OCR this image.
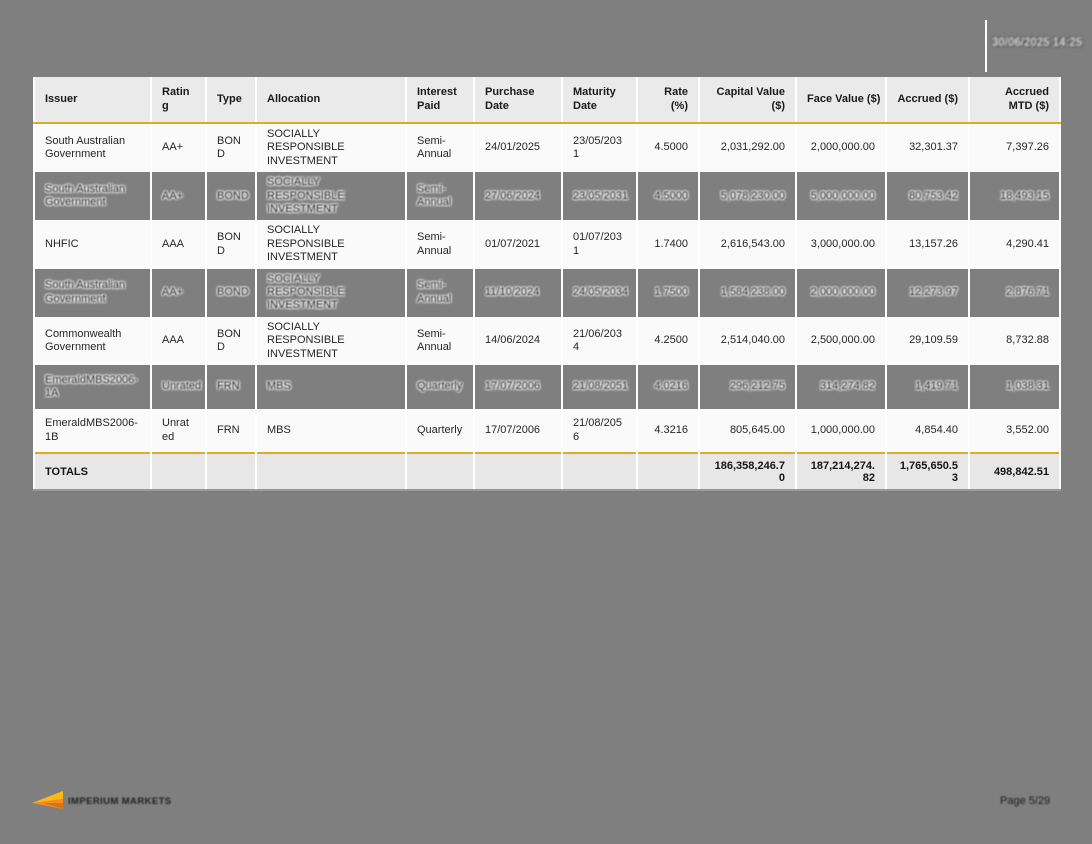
30/06/2025 14:25
Issuer	Rating	Type	Allocation	Interest Paid	Purchase Date	Maturity Date	Rate (%)	Capital Value ($)	Face Value ($)	Accrued ($)	Accrued MTD ($)
South Australian Government	AA+	BOND	SOCIALLY RESPONSIBLE INVESTMENT	Semi-Annual	24/01/2025	23/05/2031	4.5000	2,031,292.00	2,000,000.00	32,301.37	7,397.26
South Australian Government	AA+	BOND	SOCIALLY RESPONSIBLE INVESTMENT	Semi-Annual	27/06/2024	23/05/2031	4.5000	5,078,230.00	5,000,000.00	80,753.42	18,493.15
NHFIC	AAA	BOND	SOCIALLY RESPONSIBLE INVESTMENT	Semi-Annual	01/07/2021	01/07/2031	1.7400	2,616,543.00	3,000,000.00	13,157.26	4,290.41
South Australian Government	AA+	BOND	SOCIALLY RESPONSIBLE INVESTMENT	Semi-Annual	11/10/2024	24/05/2034	1.7500	1,584,238.00	2,000,000.00	12,273.97	2,876.71
Commonwealth Government	AAA	BOND	SOCIALLY RESPONSIBLE INVESTMENT	Semi-Annual	14/06/2024	21/06/2034	4.2500	2,514,040.00	2,500,000.00	29,109.59	8,732.88
EmeraldMBS2006-1A	Unrated	FRN	MBS	Quarterly	17/07/2006	21/08/2051	4.0216	296,212.75	314,274.82	1,419.71	1,038.31
EmeraldMBS2006-1B	Unrated	FRN	MBS	Quarterly	17/07/2006	21/08/2056	4.3216	805,645.00	1,000,000.00	4,854.40	3,552.00
TOTALS								186,358,246.70	187,214,274.82	1,765,650.53	498,842.51
IMPERIUM MARKETS	Page 5/29
